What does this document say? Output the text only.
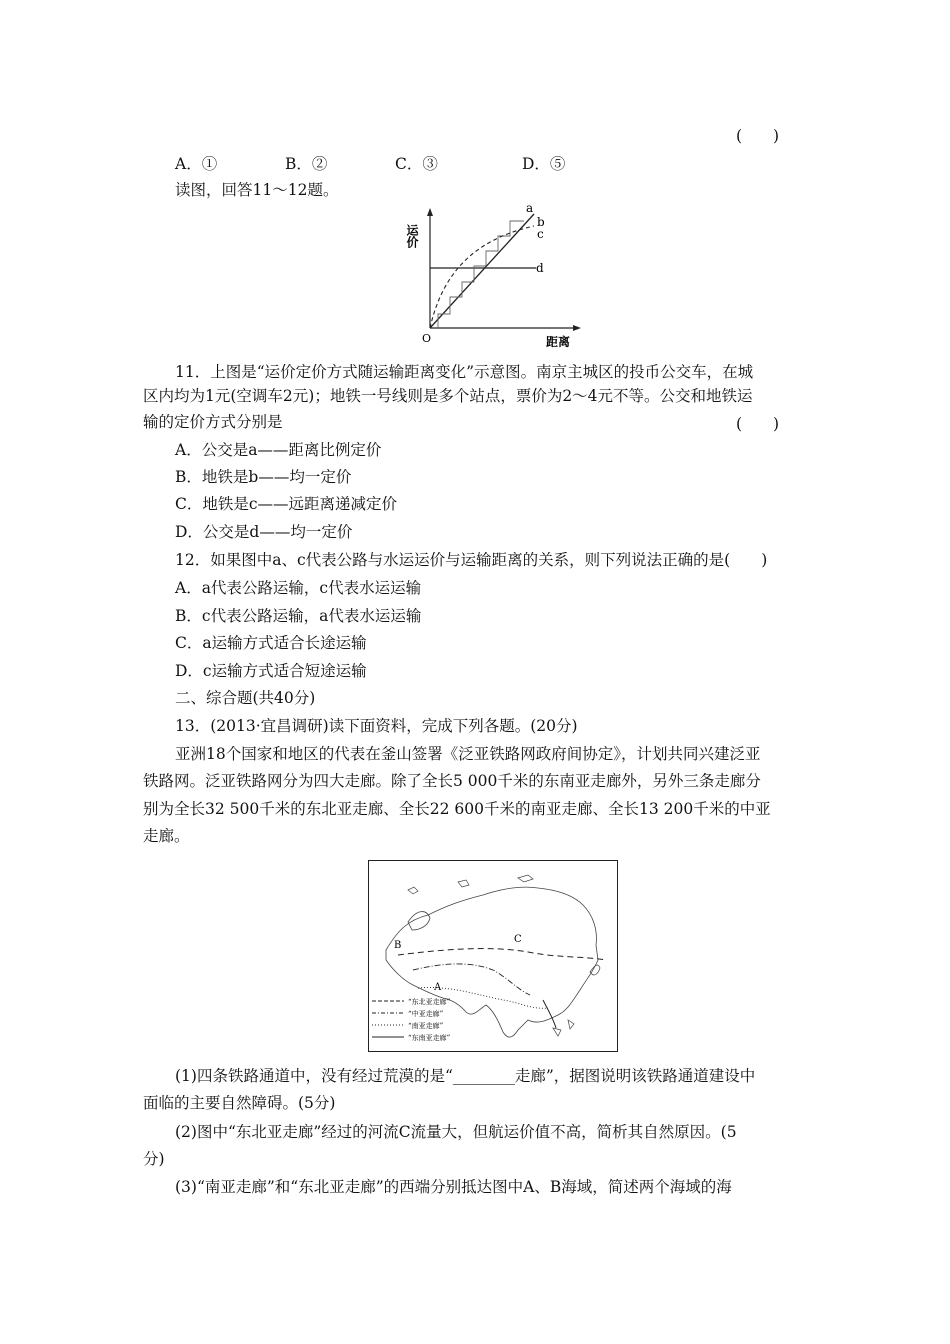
(　　)
A．①	B．②	C．③	D．⑤
读图，回答11～12题。
运价
距离
O
a
b
c
d
11．上图是“运价定价方式随运输距离变化”示意图。南京主城区的投币公交车，在城
区内均为1元(空调车2元)；地铁一号线则是多个站点，票价为2～4元不等。公交和地铁运
输的定价方式分别是	(　　)
A．公交是a——距离比例定价
B．地铁是b——均一定价
C．地铁是c——远距离递减定价
D．公交是d——均一定价
12．如果图中a、c代表公路与水运运价与运输距离的关系，则下列说法正确的是(　　)
A．a代表公路运输，c代表水运运输
B．c代表公路运输，a代表水运运输
C．a运输方式适合长途运输
D．c运输方式适合短途运输
二、综合题(共40分)
13．(2013·宜昌调研)读下面资料，完成下列各题。(20分)
亚洲18个国家和地区的代表在釜山签署《泛亚铁路网政府间协定》，计划共同兴建泛亚
铁路网。泛亚铁路网分为四大走廊。除了全长5 000千米的东南亚走廊外，另外三条走廊分
别为全长32 500千米的东北亚走廊、全长22 600千米的南亚走廊、全长13 200千米的中亚
走廊。
A
B
C
“东北亚走廊”
“中亚走廊”
“南亚走廊”
“东南亚走廊”
(1)四条铁路通道中，没有经过荒漠的是“________走廊”，据图说明该铁路通道建设中
面临的主要自然障碍。(5分)
(2)图中“东北亚走廊”经过的河流C流量大，但航运价值不高，简析其自然原因。(5
分)
(3)“南亚走廊”和“东北亚走廊”的西端分别抵达图中A、B海域，简述两个海域的海
